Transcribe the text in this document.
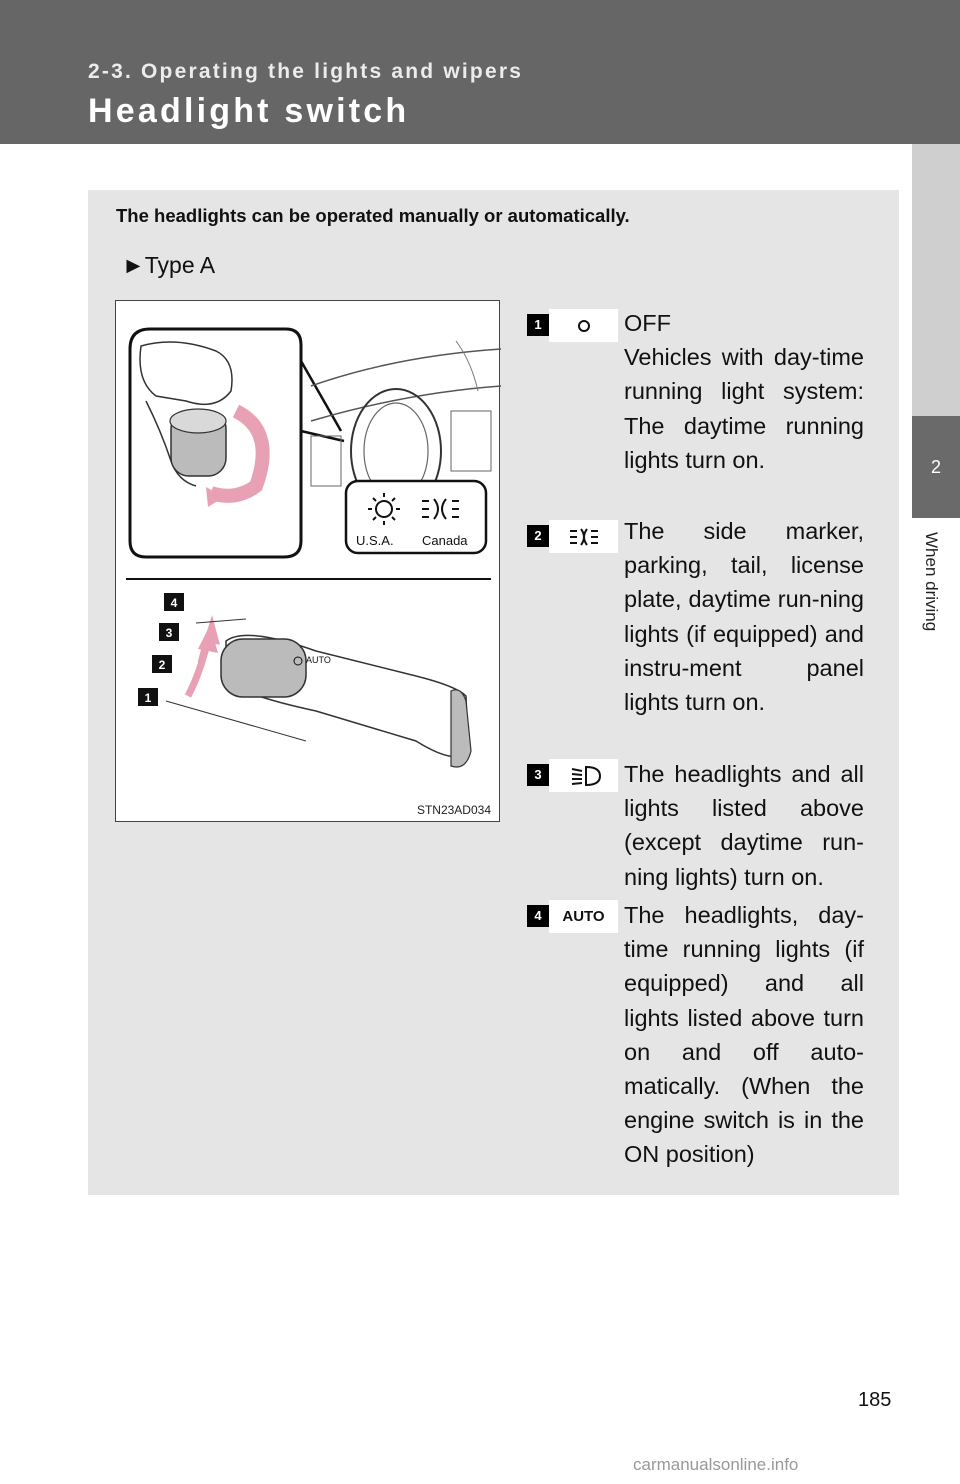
2-3. Operating the lights and wipers
Headlight switch
2
When driving
The headlights can be operated manually or automatically.
►Type A
U.S.A. Canada
AUTO
4
3
2
1
STN23AD034
1	OFF
Vehicles with day-time running light system: The daytime running lights turn on.
2	The side marker, parking, tail, license plate, daytime run-ning lights (if equipped) and instru-ment panel lights turn on.
3	The headlights and all lights listed above (except daytime run-ning lights) turn on.
4	AUTO The headlights, day-time running lights (if equipped) and all lights listed above turn on and off auto-matically. (When the engine switch is in the ON position)
185
carmanualsonline.info
